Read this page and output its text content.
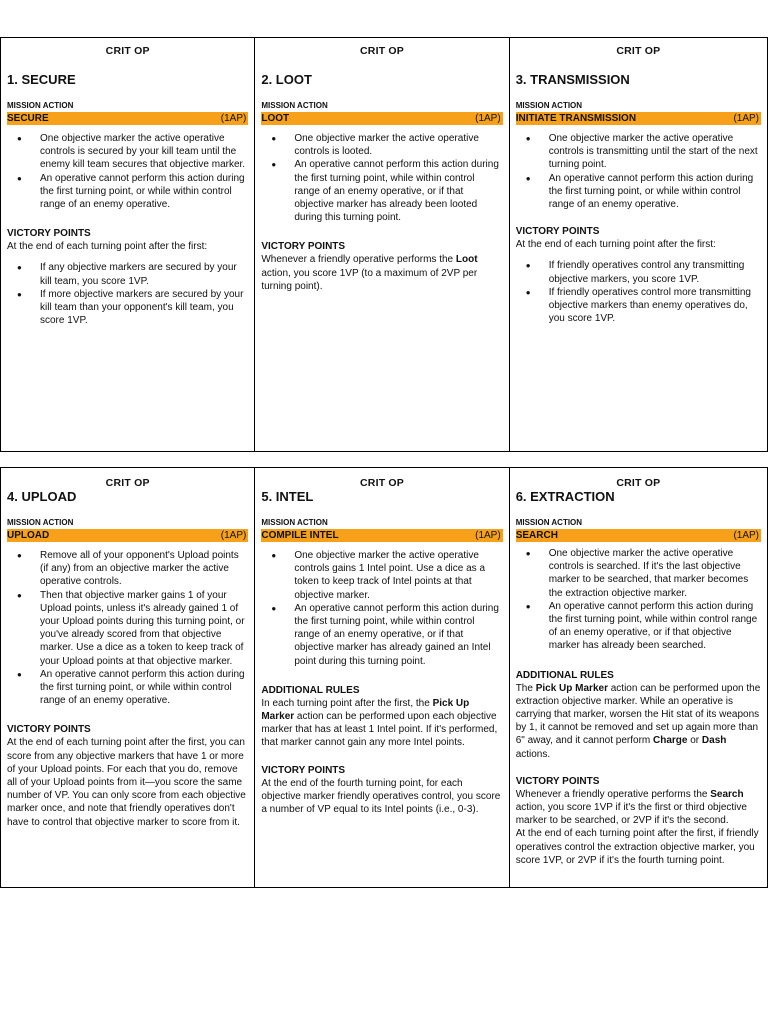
CRIT OP
1. SECURE
MISSION ACTION
SECURE	(1AP)
● One objective marker the active operative controls is secured by your kill team until the enemy kill team secures that objective marker.
● An operative cannot perform this action during the first turning point, or while within control range of an enemy operative.
VICTORY POINTS
At the end of each turning point after the first:
● If any objective markers are secured by your kill team, you score 1VP.
● If more objective markers are secured by your kill team than your opponent's kill team, you score 1VP.
CRIT OP
2. LOOT
MISSION ACTION
LOOT	(1AP)
● One objective marker the active operative controls is looted.
● An operative cannot perform this action during the first turning point, while within control range of an enemy operative, or if that objective marker has already been looted during this turning point.
VICTORY POINTS
Whenever a friendly operative performs the Loot action, you score 1VP (to a maximum of 2VP per turning point).
CRIT OP
3. TRANSMISSION
MISSION ACTION
INITIATE TRANSMISSION	(1AP)
● One objective marker the active operative controls is transmitting until the start of the next turning point.
● An operative cannot perform this action during the first turning point, or while within control range of an enemy operative.
VICTORY POINTS
At the end of each turning point after the first:
● If friendly operatives control any transmitting objective markers, you score 1VP.
● If friendly operatives control more transmitting objective markers than enemy operatives do, you score 1VP.
CRIT OP
4. UPLOAD
MISSION ACTION
UPLOAD	(1AP)
● Remove all of your opponent's Upload points (if any) from an objective marker the active operative controls.
● Then that objective marker gains 1 of your Upload points, unless it's already gained 1 of your Upload points during this turning point, or you've already scored from that objective marker. Use a dice as a token to keep track of your Upload points at that objective marker.
● An operative cannot perform this action during the first turning point, or while within control range of an enemy operative.
VICTORY POINTS
At the end of each turning point after the first, you can score from any objective markers that have 1 or more of your Upload points. For each that you do, remove all of your Upload points from it—you score the same number of VP. You can only score from each objective marker once, and note that friendly operatives don't have to control that objective marker to score from it.
CRIT OP
5. INTEL
MISSION ACTION
COMPILE INTEL	(1AP)
● One objective marker the active operative controls gains 1 Intel point. Use a dice as a token to keep track of Intel points at that objective marker.
● An operative cannot perform this action during the first turning point, while within control range of an enemy operative, or if that objective marker has already gained an Intel point during this turning point.
ADDITIONAL RULES
In each turning point after the first, the Pick Up Marker action can be performed upon each objective marker that has at least 1 Intel point. If it's performed, that marker cannot gain any more Intel points.
VICTORY POINTS
At the end of the fourth turning point, for each objective marker friendly operatives control, you score a number of VP equal to its Intel points (i.e., 0-3).
CRIT OP
6. EXTRACTION
MISSION ACTION
SEARCH	(1AP)
● One objective marker the active operative controls is searched. If it's the last objective marker to be searched, that marker becomes the extraction objective marker.
● An operative cannot perform this action during the first turning point, while within control range of an enemy operative, or if that objective marker has already been searched.
ADDITIONAL RULES
The Pick Up Marker action can be performed upon the extraction objective marker. While an operative is carrying that marker, worsen the Hit stat of its weapons by 1, it cannot be removed and set up again more than 6" away, and it cannot perform Charge or Dash actions.
VICTORY POINTS
Whenever a friendly operative performs the Search action, you score 1VP if it's the first or third objective marker to be searched, or 2VP if it's the second.
At the end of each turning point after the first, if friendly operatives control the extraction objective marker, you score 1VP, or 2VP if it's the fourth turning point.
